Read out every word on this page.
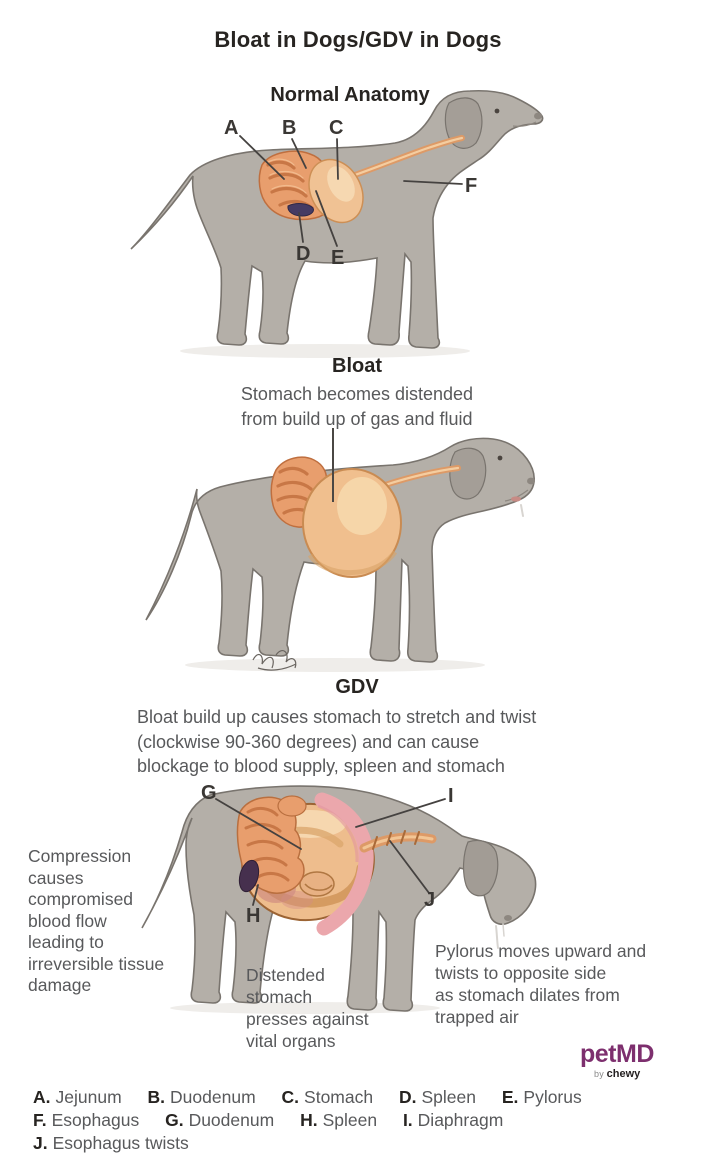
Bloat in Dogs/GDV in Dogs
Normal Anatomy
A B C
D E
F
Bloat
Stomach becomes distended
from build up of gas and fluid
GDV
Bloat build up causes stomach to stretch and twist
(clockwise 90-360 degrees) and can cause
blockage to blood supply, spleen and stomach
G	I
H
J
Compression
causes
compromised
blood flow
leading to
irreversible tissue
damage	Distended
stomach
presses against
vital organs
Pylorus moves upward and
twists to opposite side
as stomach dilates from
trapped air
petMD
by chewy
A. Jejunum B. Duodenum C. Stomach D. Spleen E. Pylorus
F. Esophagus G. Duodenum H. Spleen I. Diaphragm
J. Esophagus twists
